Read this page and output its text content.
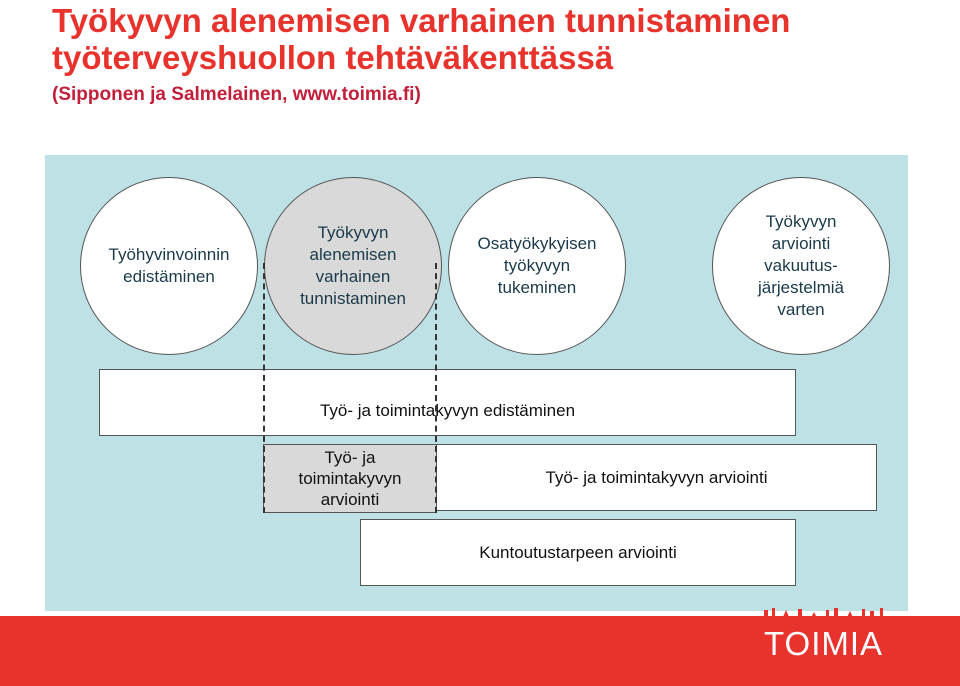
Työkyvyn alenemisen varhainen tunnistaminen työterveyshuollon tehtäväkenttässä
(Sipponen ja Salmelainen, www.toimia.fi)
Työhyvinvoinnin
edistäminen
Työkyvyn
alenemisen
varhainen
tunnistaminen
Osatyökykyisen
työkyvyn
tukeminen
Työkyvyn
arviointi
vakuutus-
järjestelmiä
varten
Työ- ja toimintakyvyn edistäminen
Työ- ja toimintakyvyn arviointi
Työ- ja
toimintakyvyn
arviointi
Kuntoutustarpeen arviointi
TOIMIA
